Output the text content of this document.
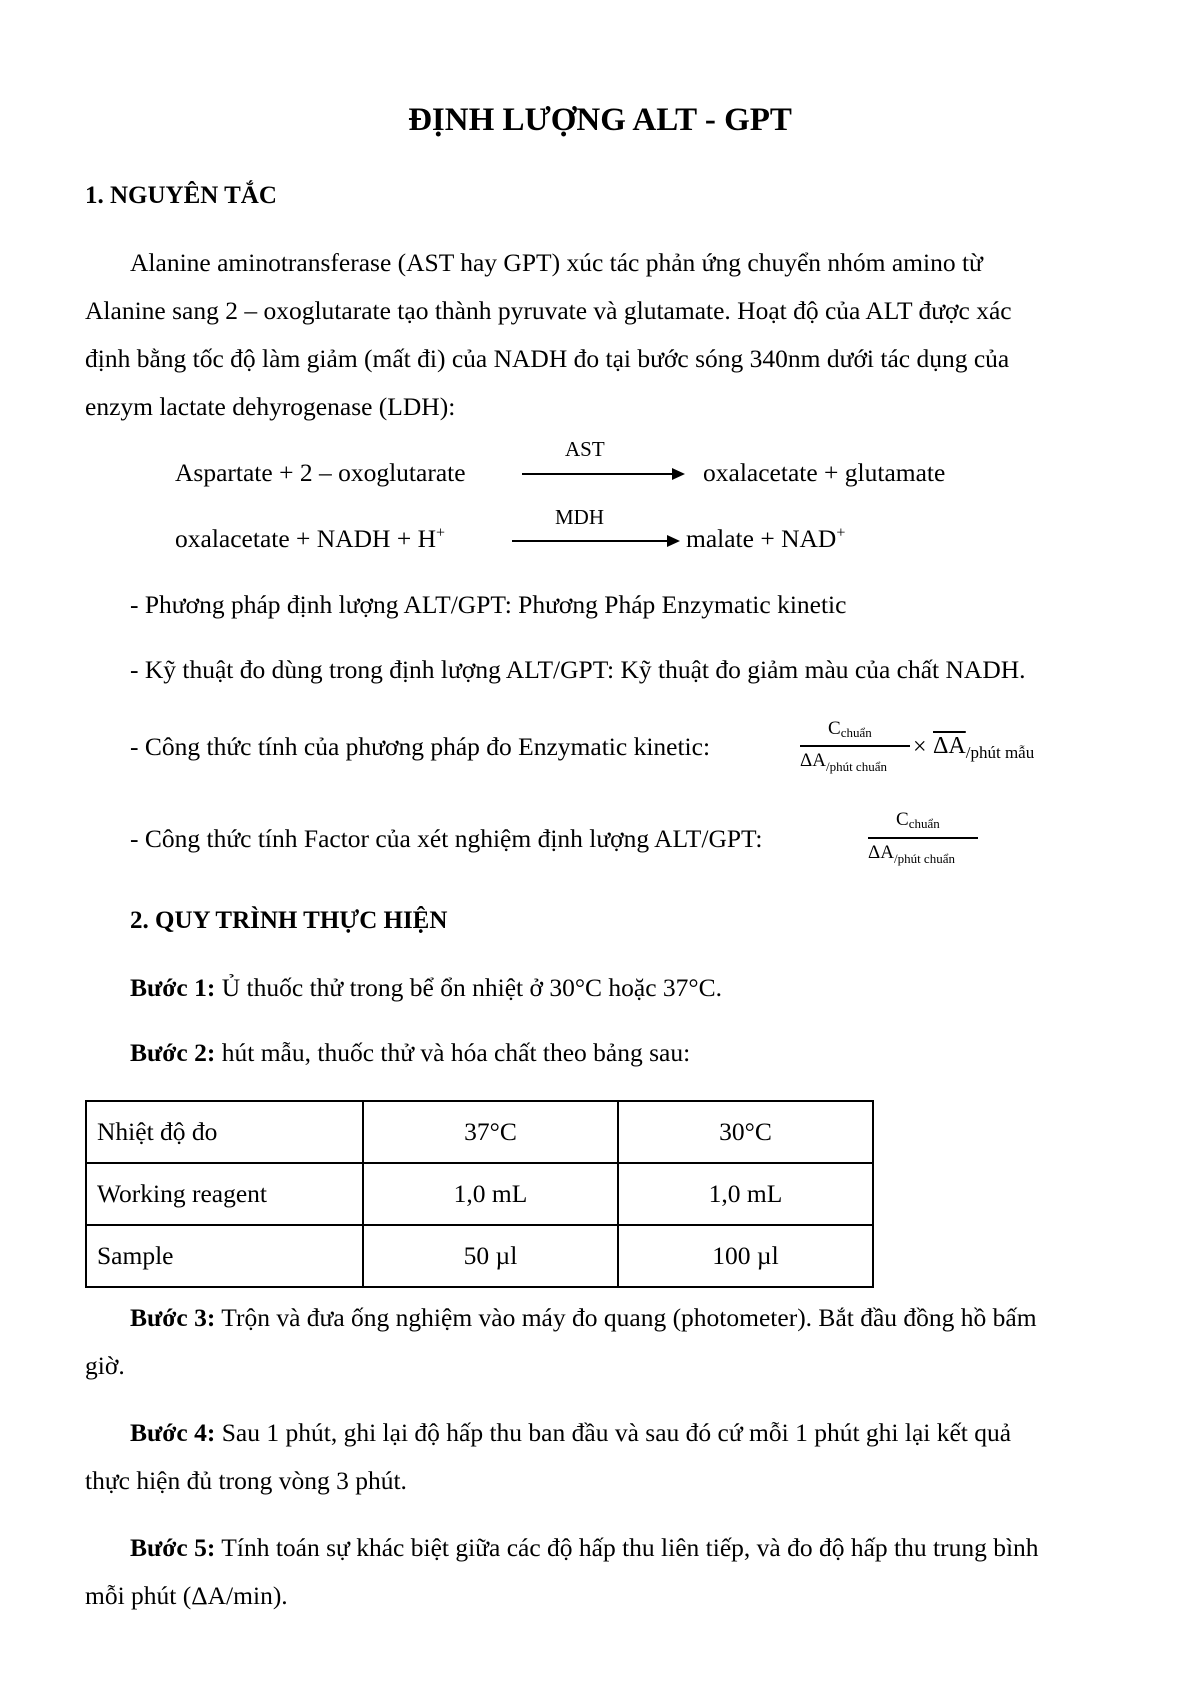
ĐỊNH LƯỢNG ALT - GPT
1. NGUYÊN TẮC
Alanine aminotransferase (AST hay GPT) xúc tác phản ứng chuyển nhóm amino từ
Alanine sang 2 – oxoglutarate tạo thành pyruvate và glutamate. Hoạt độ của ALT được xác
định bằng tốc độ làm giảm (mất đi) của NADH đo tại bước sóng 340nm dưới tác dụng của
enzym lactate dehyrogenase (LDH):
Aspartate + 2 – oxoglutarate
AST
oxalacetate + glutamate
oxalacetate + NADH + H+
MDH
malate + NAD+
- Phương pháp định lượng ALT/GPT: Phương Pháp Enzymatic kinetic
- Kỹ thuật đo dùng trong định lượng ALT/GPT: Kỹ thuật đo giảm màu của chất NADH.
- Công thức tính của phương pháp đo Enzymatic kinetic:
Cchuẩn
$\Delta A_{/phút chuẩn}$
× $\overline{\Delta A}_{/phút mẫu}$
- Công thức tính Factor của xét nghiệm định lượng ALT/GPT:
Cchuẩn
$\Delta A_{/phút chuẩn}$
2. QUY TRÌNH THỰC HIỆN
Bước 1: Ủ thuốc thử trong bể ổn nhiệt ở 30°C hoặc 37°C.
Bước 2: hút mẫu, thuốc thử và hóa chất theo bảng sau:
Nhiệt độ đo	37°C	30°C
Working reagent	1,0 mL	1,0 mL
Sample	50 µl	100 µl
Bước 3: Trộn và đưa ống nghiệm vào máy đo quang (photometer). Bắt đầu đồng hồ bấm
giờ.
Bước 4: Sau 1 phút, ghi lại độ hấp thu ban đầu và sau đó cứ mỗi 1 phút ghi lại kết quả
thực hiện đủ trong vòng 3 phút.
Bước 5: Tính toán sự khác biệt giữa các độ hấp thu liên tiếp, và đo độ hấp thu trung bình
mỗi phút (ΔA/min).
